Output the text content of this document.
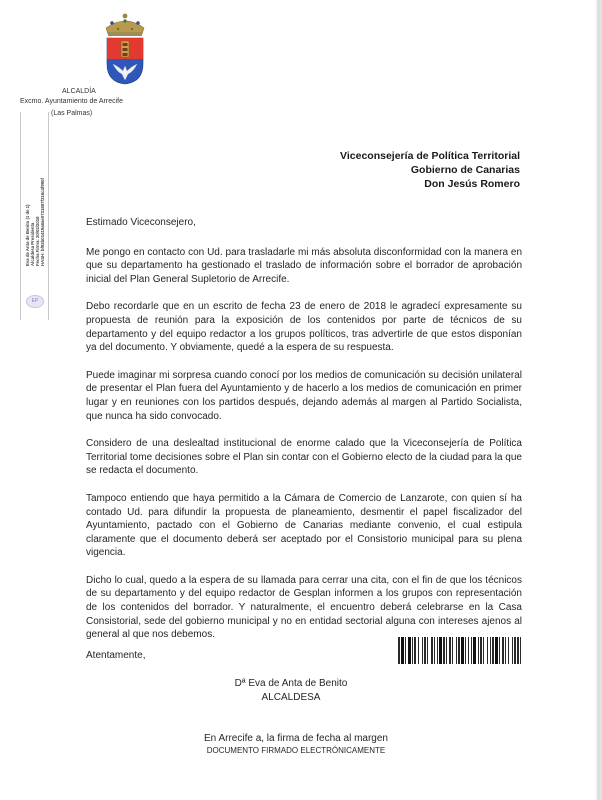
ALCALDÍA
Excmo. Ayuntamiento de Arrecife
(Las Palmas)
Eva de Anta de Benito (1 de 1) Alcaldesa Presidenta Fecha Firma: 20/02/2018 HASH: bf92b01419a8ae0731887f316c4f990f
EP
Viceconsejería de Política Territorial
Gobierno de Canarias
Don Jesús Romero

Estimado Viceconsejero,

Me pongo en contacto con Ud. para trasladarle mi más absoluta disconformidad con la manera en que su departamento ha gestionado el traslado de información sobre el borrador de aprobación inicial del Plan General Supletorio de Arrecife.

Debo recordarle que en un escrito de fecha 23 de enero de 2018 le agradecí expresamente su propuesta de reunión para la exposición de los contenidos por parte de técnicos de su departamento y del equipo redactor a los grupos políticos, tras advertirle de que estos disponían ya del documento. Y obviamente, quedé a la espera de su respuesta.

Puede imaginar mi sorpresa cuando conocí por los medios de comunicación su decisión unilateral de presentar el Plan fuera del Ayuntamiento y de hacerlo a los medios de comunicación en primer lugar y en reuniones con los partidos después, dejando además al margen al Partido Socialista, que nunca ha sido convocado.

Considero de una deslealtad institucional de enorme calado que la Viceconsejería de Política Territorial tome decisiones sobre el Plan sin contar con el Gobierno electo de la ciudad para la que se redacta el documento.

Tampoco entiendo que haya permitido a la Cámara de Comercio de Lanzarote, con quien sí ha contado Ud. para difundir la propuesta de planeamiento, desmentir el papel fiscalizador del Ayuntamiento, pactado con el Gobierno de Canarias mediante convenio, el cual estipula claramente que el documento deberá ser aceptado por el Consistorio municipal para su plena vigencia.

Dicho lo cual, quedo a la espera de su llamada para cerrar una cita, con el fin de que los técnicos de su departamento y del equipo redactor de Gesplan informen a los grupos con representación de los contenidos del borrador. Y naturalmente, el encuentro deberá celebrarse en la Casa Consistorial, sede del gobierno municipal y no en entidad sectorial alguna con intereses ajenos al general al que nos debemos.

Atentamente,
Dª Eva de Anta de Benito
ALCALDESA
En Arrecife a, la firma de fecha al margen
DOCUMENTO FIRMADO ELECTRÓNICAMENTE
